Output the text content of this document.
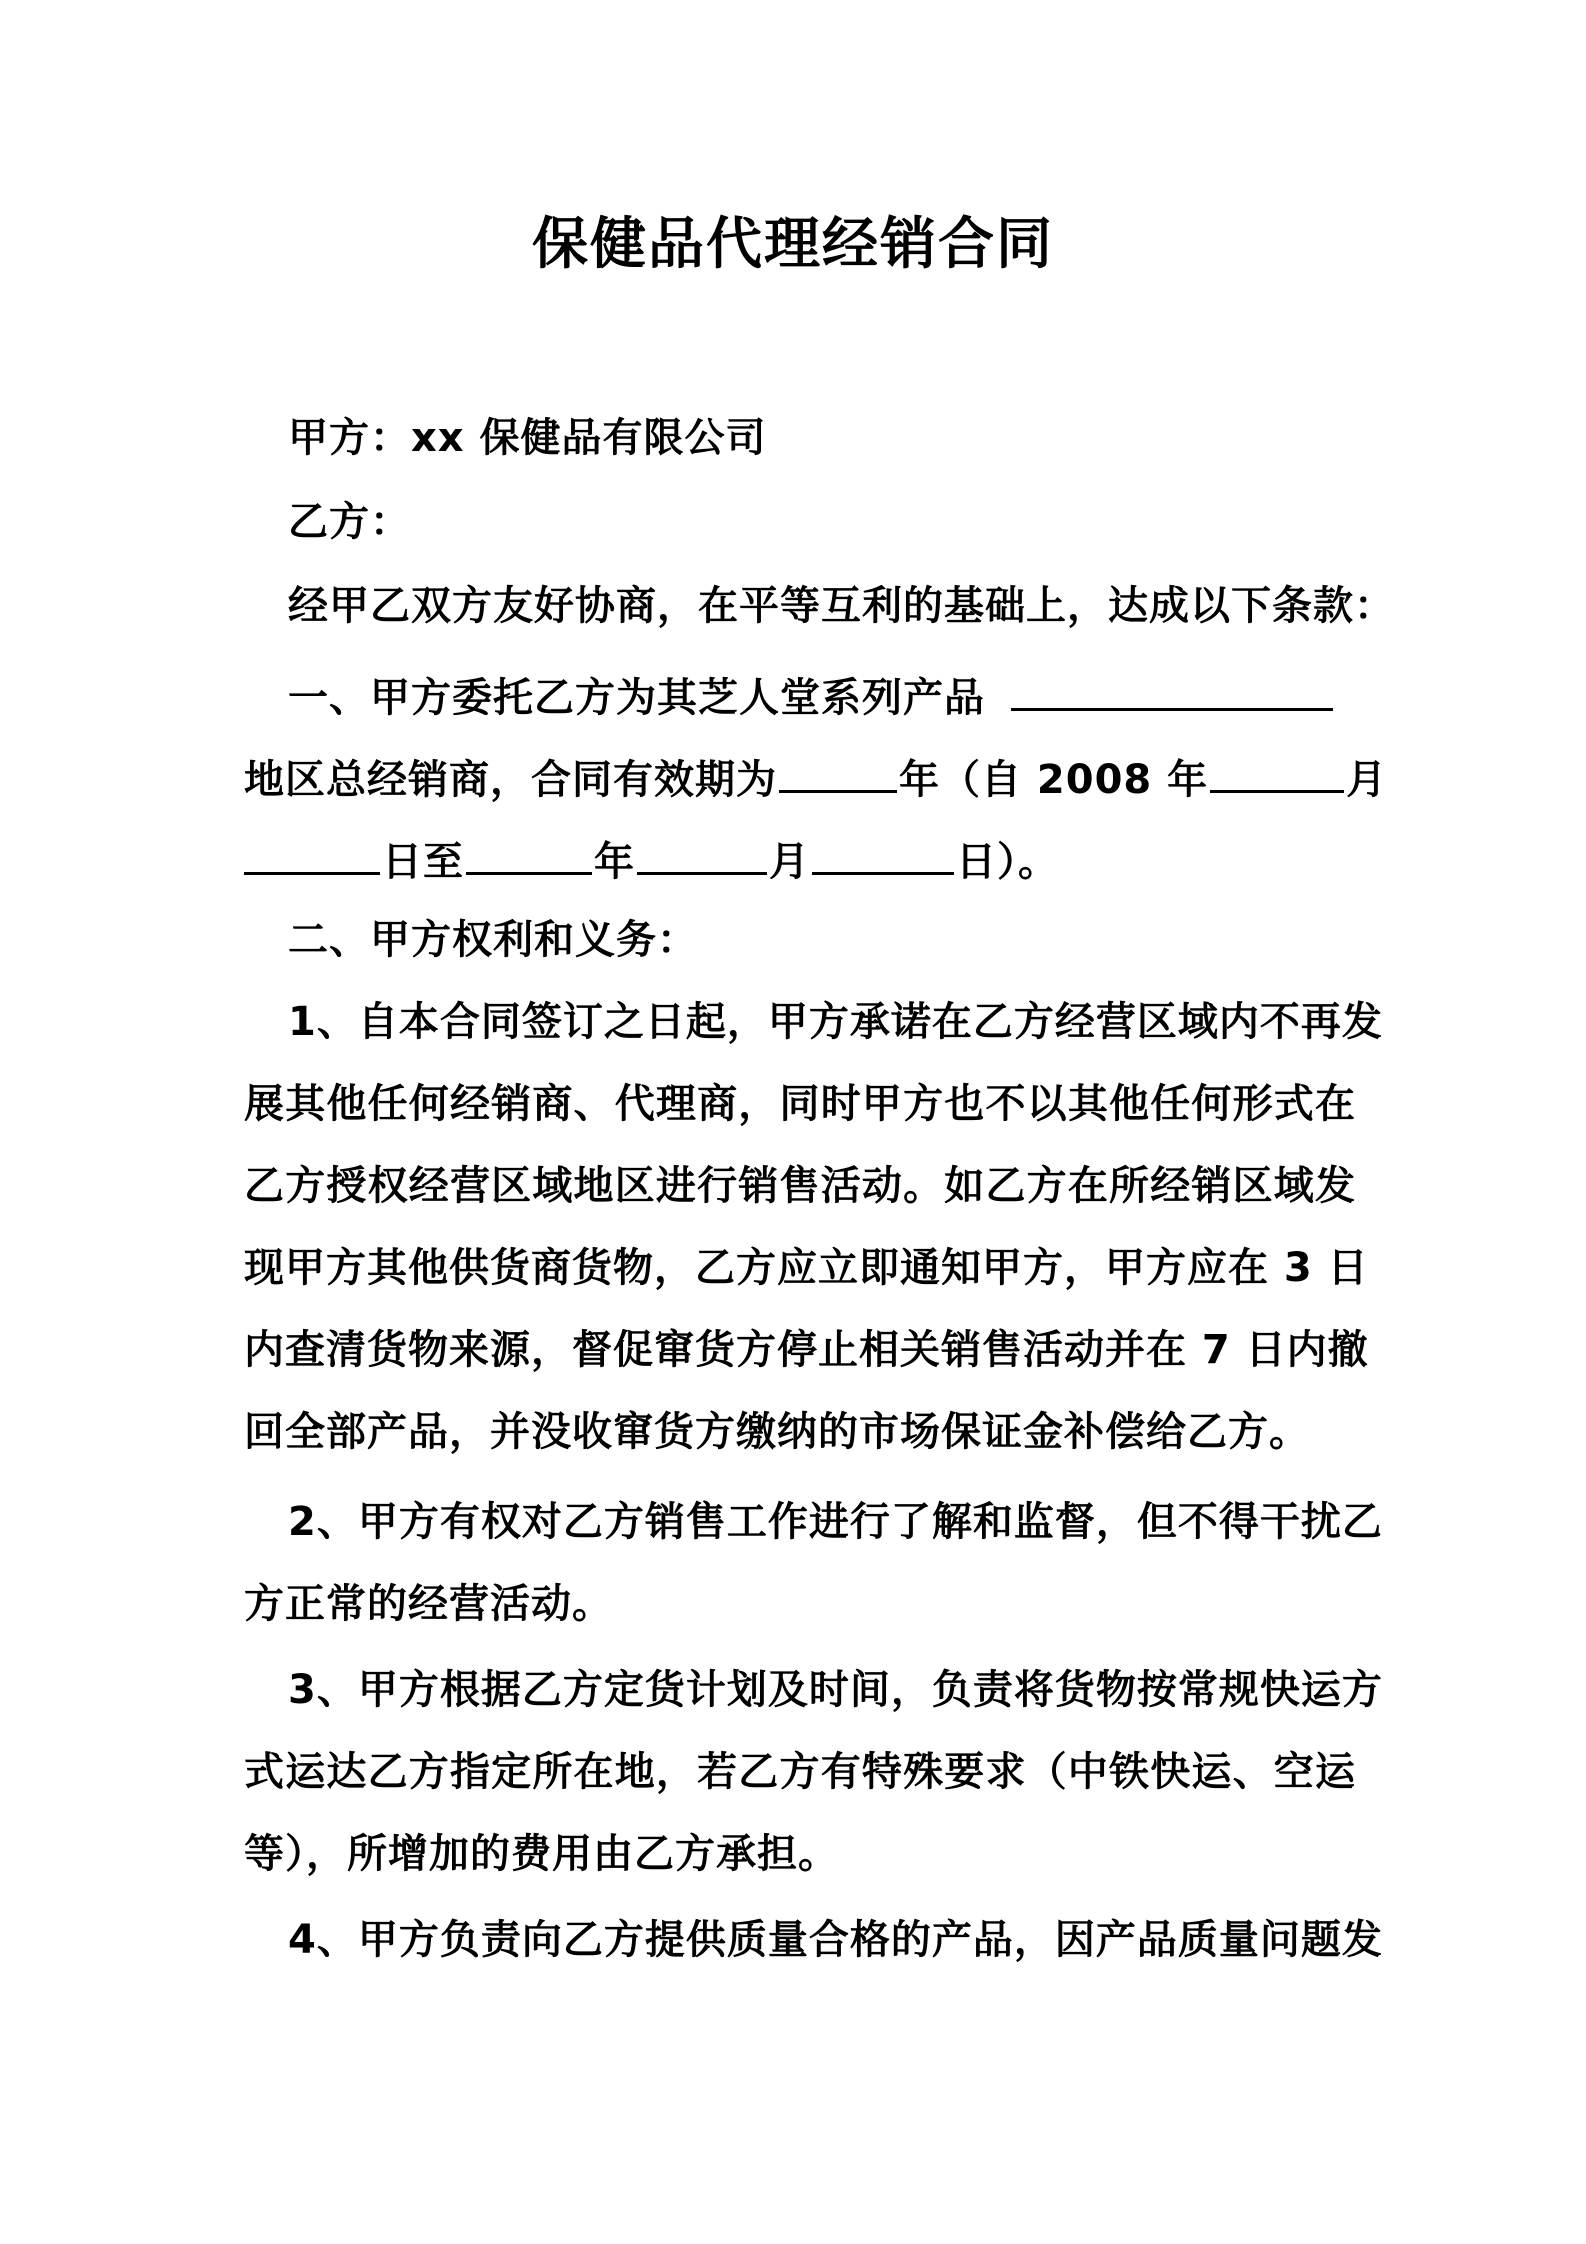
保健品代理经销合同
甲方：xx 保健品有限公司
乙方：
经甲乙双方友好协商，在平等互利的基础上，达成以下条款：
一、甲方委托乙方为其芝人堂系列产品
地区总经销商，合同有效期为	年（自 2008 年	月
日至	年	月	日）。
二、甲方权利和义务：
1、自本合同签订之日起，甲方承诺在乙方经营区域内不再发
展其他任何经销商、代理商，同时甲方也不以其他任何形式在
乙方授权经营区域地区进行销售活动。如乙方在所经销区域发
现甲方其他供货商货物，乙方应立即通知甲方，甲方应在 3 日
内查清货物来源，督促窜货方停止相关销售活动并在 7 日内撤
回全部产品，并没收窜货方缴纳的市场保证金补偿给乙方。
2、甲方有权对乙方销售工作进行了解和监督，但不得干扰乙
方正常的经营活动。
3、甲方根据乙方定货计划及时间，负责将货物按常规快运方
式运达乙方指定所在地，若乙方有特殊要求（中铁快运、空运
等），所增加的费用由乙方承担。
4、甲方负责向乙方提供质量合格的产品，因产品质量问题发
